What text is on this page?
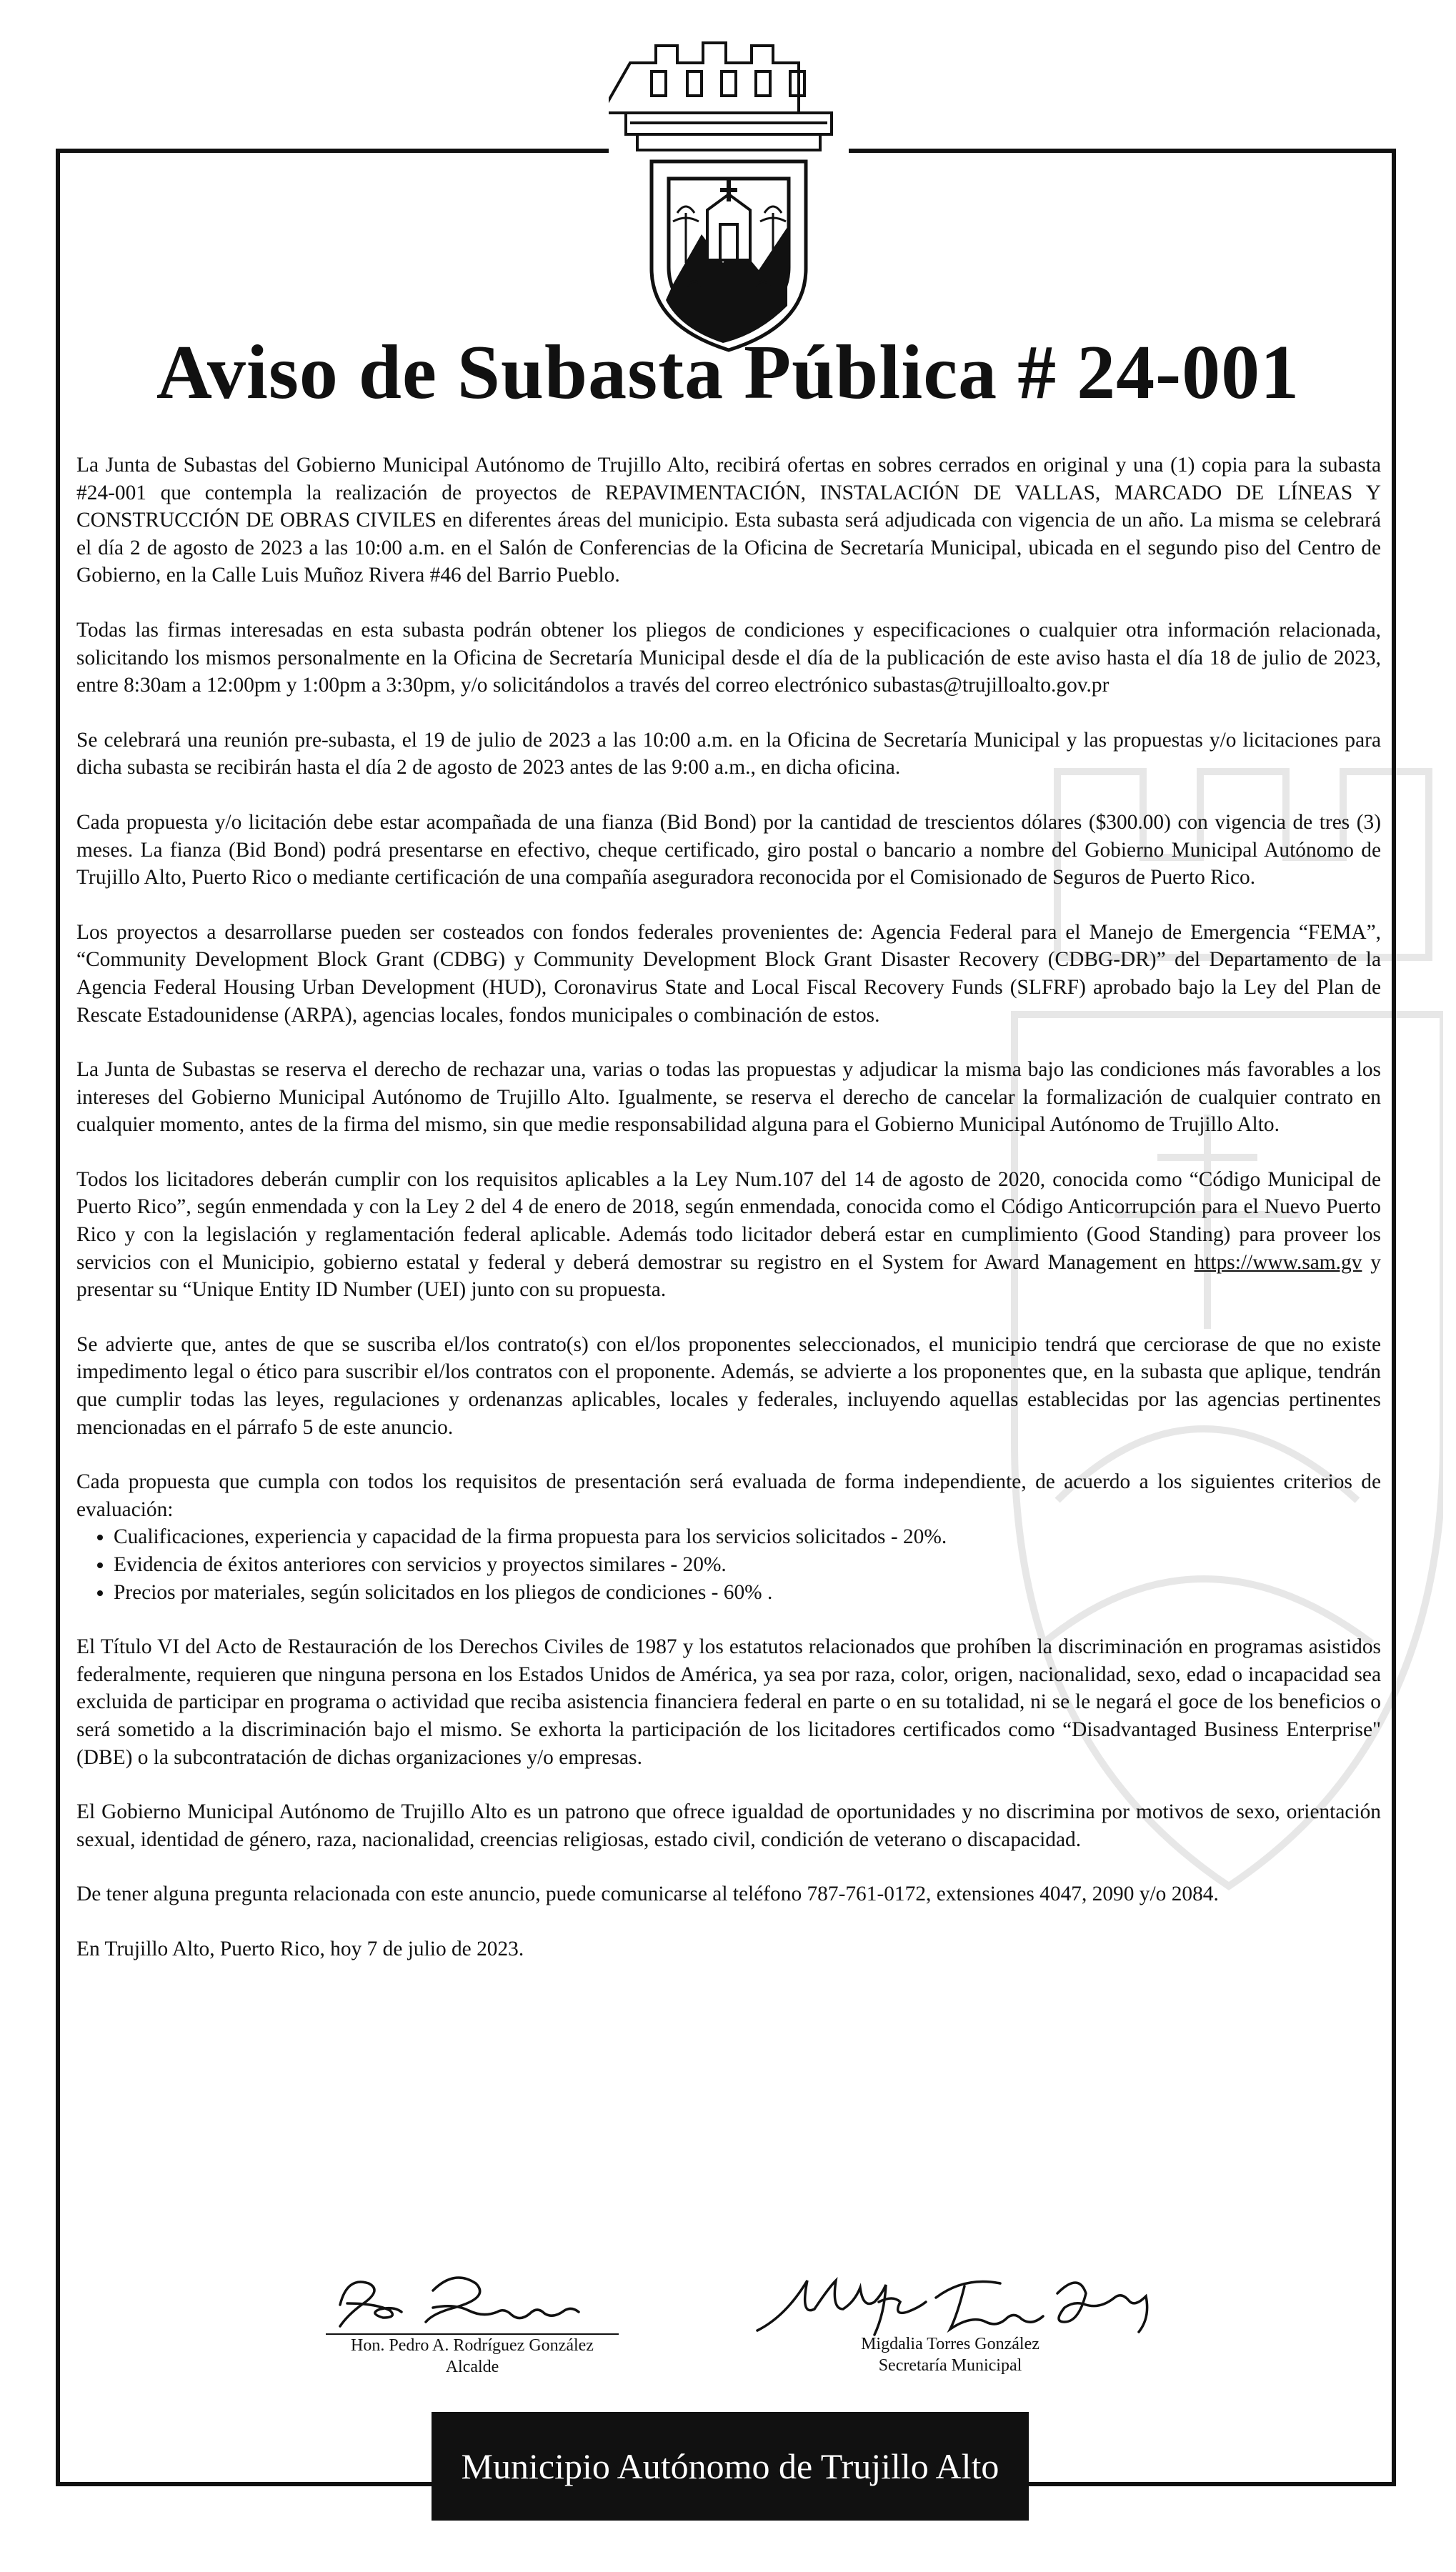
Aviso de Subasta Pública # 24-001

La Junta de Subastas del Gobierno Municipal Autónomo de Trujillo Alto, recibirá ofertas en sobres cerrados en original y una (1) copia para la subasta #24-001 que contempla la realización de proyectos de REPAVIMENTACIÓN, INSTALACIÓN DE VALLAS, MARCADO DE LÍNEAS Y CONSTRUCCIÓN DE OBRAS CIVILES en diferentes áreas del municipio. Esta subasta será adjudicada con vigencia de un año. La misma se celebrará el día 2 de agosto de 2023 a las 10:00 a.m. en el Salón de Conferencias de la Oficina de Secretaría Municipal, ubicada en el segundo piso del Centro de Gobierno, en la Calle Luis Muñoz Rivera #46 del Barrio Pueblo.

Todas las firmas interesadas en esta subasta podrán obtener los pliegos de condiciones y especificaciones o cualquier otra información relacionada, solicitando los mismos personalmente en la Oficina de Secretaría Municipal desde el día de la publicación de este aviso hasta el día 18 de julio de 2023, entre 8:30am a 12:00pm y 1:00pm a 3:30pm, y/o solicitándolos a través del correo electrónico subastas@trujilloalto.gov.pr

Se celebrará una reunión pre-subasta, el 19 de julio de 2023 a las 10:00 a.m. en la Oficina de Secretaría Municipal y las propuestas y/o licitaciones para dicha subasta se recibirán hasta el día 2 de agosto de 2023 antes de las 9:00 a.m., en dicha oficina.

Cada propuesta y/o licitación debe estar acompañada de una fianza (Bid Bond) por la cantidad de trescientos dólares ($300.00) con vigencia de tres (3) meses. La fianza (Bid Bond) podrá presentarse en efectivo, cheque certificado, giro postal o bancario a nombre del Gobierno Municipal Autónomo de Trujillo Alto, Puerto Rico o mediante certificación de una compañía aseguradora reconocida por el Comisionado de Seguros de Puerto Rico.

Los proyectos a desarrollarse pueden ser costeados con fondos federales provenientes de: Agencia Federal para el Manejo de Emergencia “FEMA”, “Community Development Block Grant (CDBG) y Community Development Block Grant Disaster Recovery (CDBG-DR)” del Departamento de la Agencia Federal Housing Urban Development (HUD), Coronavirus State and Local Fiscal Recovery Funds (SLFRF) aprobado bajo la Ley del Plan de Rescate Estadounidense (ARPA), agencias locales, fondos municipales o combinación de estos.

La Junta de Subastas se reserva el derecho de rechazar una, varias o todas las propuestas y adjudicar la misma bajo las condiciones más favorables a los intereses del Gobierno Municipal Autónomo de Trujillo Alto. Igualmente, se reserva el derecho de cancelar la formalización de cualquier contrato en cualquier momento, antes de la firma del mismo, sin que medie responsabilidad alguna para el Gobierno Municipal Autónomo de Trujillo Alto.

Todos los licitadores deberán cumplir con los requisitos aplicables a la Ley Num.107 del 14 de agosto de 2020, conocida como “Código Municipal de Puerto Rico”, según enmendada y con la Ley 2 del 4 de enero de 2018, según enmendada, conocida como el Código Anticorrupción para el Nuevo Puerto Rico y con la legislación y reglamentación federal aplicable. Además todo licitador deberá estar en cumplimiento (Good Standing) para proveer los servicios con el Municipio, gobierno estatal y federal y deberá demostrar su registro en el System for Award Management en https://www.sam.gv y presentar su “Unique Entity ID Number (UEI) junto con su propuesta.

Se advierte que, antes de que se suscriba el/los contrato(s) con el/los proponentes seleccionados, el municipio tendrá que cerciorase de que no existe impedimento legal o ético para suscribir el/los contratos con el proponente. Además, se advierte a los proponentes que, en la subasta que aplique, tendrán que cumplir todas las leyes, regulaciones y ordenanzas aplicables, locales y federales, incluyendo aquellas establecidas por las agencias pertinentes mencionadas en el párrafo 5 de este anuncio.

Cada propuesta que cumpla con todos los requisitos de presentación será evaluada de forma independiente, de acuerdo a los siguientes criterios de evaluación:

• Cualificaciones, experiencia y capacidad de la firma propuesta para los servicios solicitados - 20%.
• Evidencia de éxitos anteriores con servicios y proyectos similares - 20%.
• Precios por materiales, según solicitados en los pliegos de condiciones - 60% .

El Título VI del Acto de Restauración de los Derechos Civiles de 1987 y los estatutos relacionados que prohíben la discriminación en programas asistidos federalmente, requieren que ninguna persona en los Estados Unidos de América, ya sea por raza, color, origen, nacionalidad, sexo, edad o incapacidad sea excluida de participar en programa o actividad que reciba asistencia financiera federal en parte o en su totalidad, ni se le negará el goce de los beneficios o será sometido a la discriminación bajo el mismo. Se exhorta la participación de los licitadores certificados como “Disadvantaged Business Enterprise" (DBE) o la subcontratación de dichas organizaciones y/o empresas.

El Gobierno Municipal Autónomo de Trujillo Alto es un patrono que ofrece igualdad de oportunidades y no discrimina por motivos de sexo, orientación sexual, identidad de género, raza, nacionalidad, creencias religiosas, estado civil, condición de veterano o discapacidad.

De tener alguna pregunta relacionada con este anuncio, puede comunicarse al teléfono 787-761-0172, extensiones 4047, 2090 y/o 2084.

En Trujillo Alto, Puerto Rico, hoy 7 de julio de 2023.

Hon. Pedro A. Rodríguez González
Alcalde
Migdalia Torres González
Secretaría Municipal
Municipio Autónomo de Trujillo Alto
